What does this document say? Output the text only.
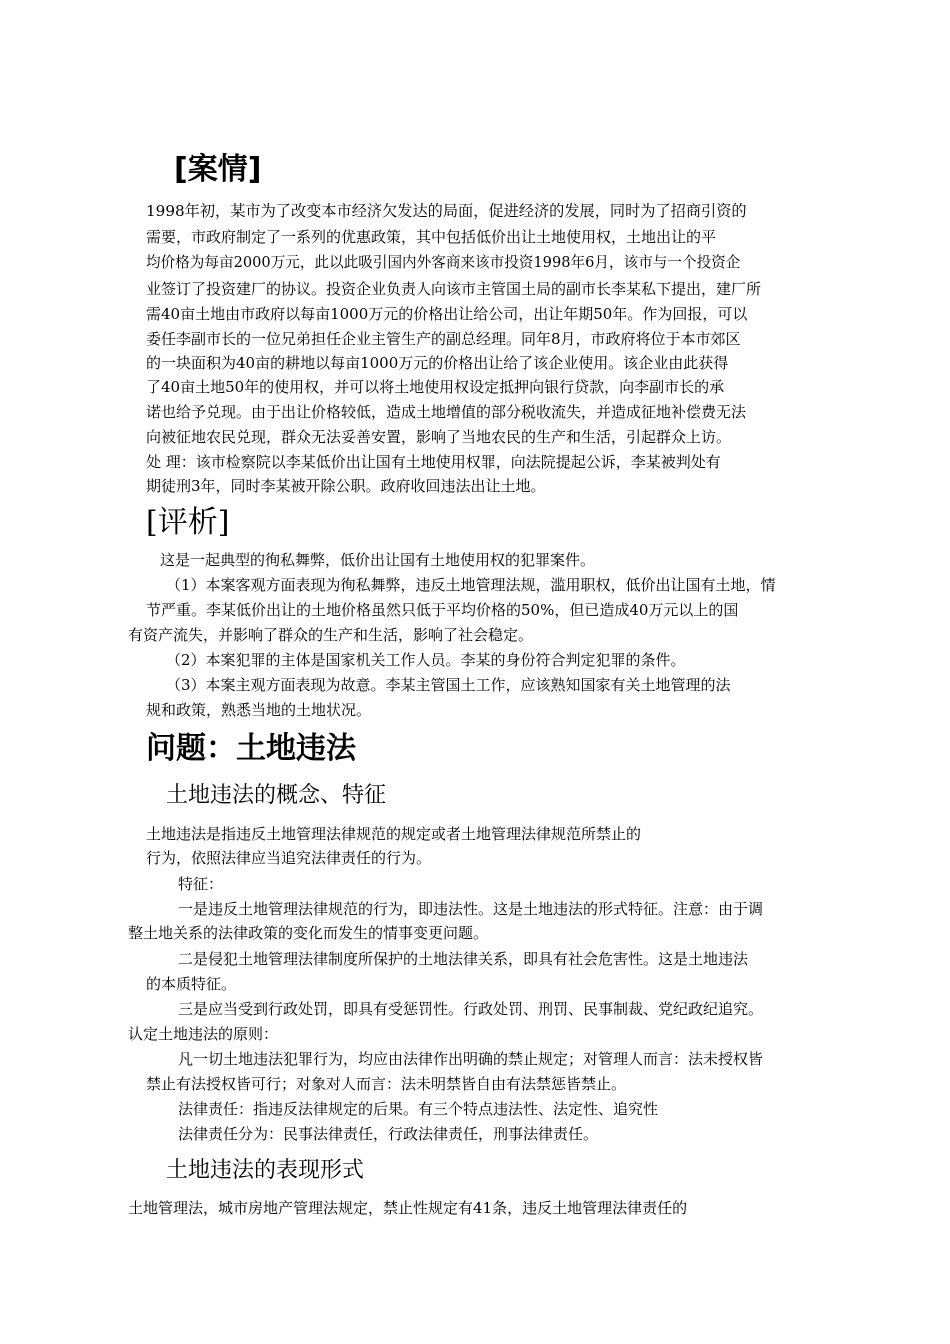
[案情]
1998年初，某市为了改变本市经济欠发达的局面，促进经济的发展，同时为了招商引资的
需要，市政府制定了一系列的优惠政策，其中包括低价出让土地使用权，土地出让的平
均价格为每亩2000万元，此以此吸引国内外客商来该市投资1998年6月，该市与一个投资企
业签订了投资建厂的协议。投资企业负责人向该市主管国土局的副市长李某私下提出，建厂所
需40亩土地由市政府以每亩1000万元的价格出让给公司，出让年期50年。作为回报，可以
委任李副市长的一位兄弟担任企业主管生产的副总经理。同年8月，市政府将位于本市郊区
的一块面积为40亩的耕地以每亩1000万元的价格出让给了该企业使用。该企业由此获得
了40亩土地50年的使用权，并可以将土地使用权设定抵押向银行贷款，向李副市长的承
诺也给予兑现。由于出让价格较低，造成土地增值的部分税收流失，并造成征地补偿费无法
向被征地农民兑现，群众无法妥善安置，影响了当地农民的生产和生活，引起群众上访。
处 理：该市检察院以李某低价出让国有土地使用权罪，向法院提起公诉，李某被判处有
期徒刑3年，同时李某被开除公职。政府收回违法出让土地。
[评析]
这是一起典型的徇私舞弊，低价出让国有土地使用权的犯罪案件。
（1）本案客观方面表现为徇私舞弊，违反土地管理法规，滥用职权，低价出让国有土地，情
节严重。李某低价出让的土地价格虽然只低于平均价格的50%，但已造成40万元以上的国
有资产流失，并影响了群众的生产和生活，影响了社会稳定。
（2）本案犯罪的主体是国家机关工作人员。李某的身份符合判定犯罪的条件。
（3）本案主观方面表现为故意。李某主管国土工作，应该熟知国家有关土地管理的法
规和政策，熟悉当地的土地状况。
问题：土地违法
土地违法的概念、特征
土地违法是指违反土地管理法律规范的规定或者土地管理法律规范所禁止的
行为，依照法律应当追究法律责任的行为。
特征：
一是违反土地管理法律规范的行为，即违法性。这是土地违法的形式特征。注意：由于调
整土地关系的法律政策的变化而发生的情事变更问题。
二是侵犯土地管理法律制度所保护的土地法律关系，即具有社会危害性。这是土地违法
的本质特征。
三是应当受到行政处罚，即具有受惩罚性。行政处罚、刑罚、民事制裁、党纪政纪追究。
认定土地违法的原则：
凡一切土地违法犯罪行为，均应由法律作出明确的禁止规定；对管理人而言：法未授权皆
禁止有法授权皆可行；对象对人而言：法未明禁皆自由有法禁惩皆禁止。
法律责任：指违反法律规定的后果。有三个特点违法性、法定性、追究性
法律责任分为：民事法律责任，行政法律责任，刑事法律责任。
土地违法的表现形式
土地管理法，城市房地产管理法规定，禁止性规定有41条，违反土地管理法律责任的
